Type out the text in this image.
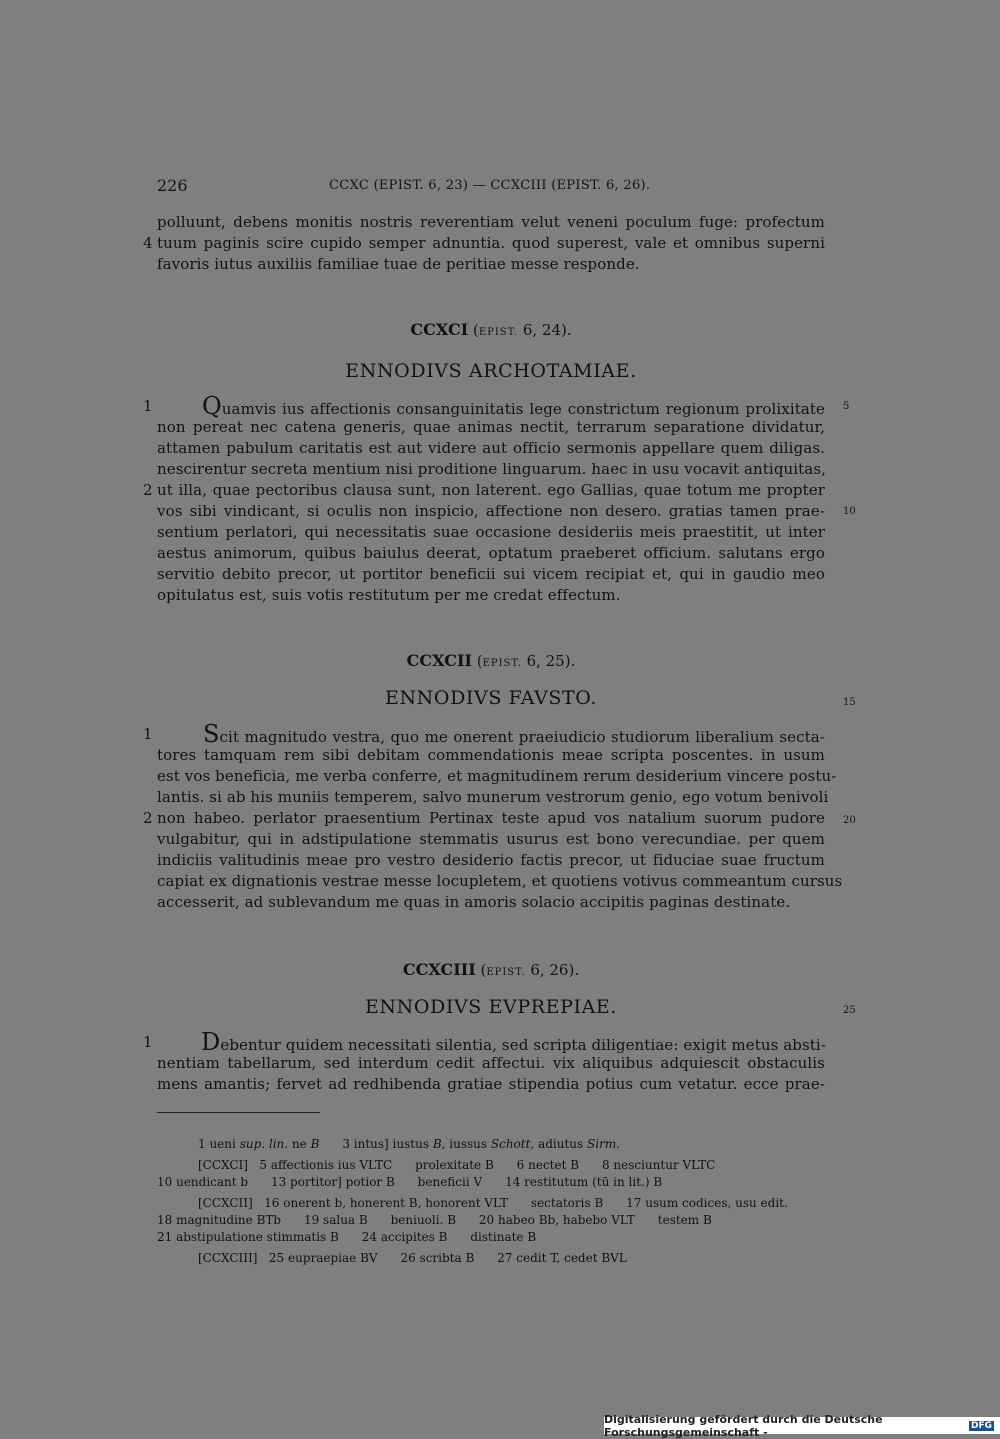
226	CCXC (EPIST. 6, 23) — CCXCIII (EPIST. 6, 26).
polluunt, debens monitis nostris reverentiam velut veneni poculum fuge: profectum
4 tuum paginis scire cupido semper adnuntia. quod superest, vale et omnibus superni
favoris iutus auxiliis familiae tuae de peritiae messe responde.
CCXCI (EPIST. 6, 24).
ENNODIVS ARCHOTAMIAE.
1 Quamvis ius affectionis consanguinitatis lege constrictum regionum prolixitate 5
non pereat nec catena generis, quae animas nectit, terrarum separatione dividatur,
attamen pabulum caritatis est aut videre aut officio sermonis appellare quem diligas.
nescirentur secreta mentium nisi proditione linguarum. haec in usu vocavit antiquitas,
2 ut illa, quae pectoribus clausa sunt, non laterent. ego Gallias, quae totum me propter
vos sibi vindicant, si oculis non inspicio, affectione non desero. gratias tamen prae- 10
sentium perlatori, qui necessitatis suae occasione desideriis meis praestitit, ut inter
aestus animorum, quibus baiulus deerat, optatum praeberet officium. salutans ergo
servitio debito precor, ut portitor beneficii sui vicem recipiat et, qui in gaudio meo
opitulatus est, suis votis restitutum per me credat effectum.
CCXCII (EPIST. 6, 25).
ENNODIVS FAVSTO.	15
1 Scit magnitudo vestra, quo me onerent praeiudicio studiorum liberalium secta-
tores tamquam rem sibi debitam commendationis meae scripta poscentes. in usum
est vos beneficia, me verba conferre, et magnitudinem rerum desiderium vincere postu-
lantis. si ab his muniis temperem, salvo munerum vestrorum genio, ego votum benivoli
2 non habeo. perlator praesentium Pertinax teste apud vos natalium suorum pudore 20
vulgabitur, qui in adstipulatione stemmatis usurus est bono verecundiae. per quem
indiciis valitudinis meae pro vestro desiderio factis precor, ut fiduciae suae fructum
capiat ex dignationis vestrae messe locupletem, et quotiens votivus commeantum cursus
accesserit, ad sublevandum me quas in amoris solacio accipitis paginas destinate.
CCXCIII (EPIST. 6, 26).
ENNODIVS EVPREPIAE.	25
1 Debentur quidem necessitati silentia, sed scripta diligentiae: exigit metus absti-
nentiam tabellarum, sed interdum cedit affectui. vix aliquibus adquiescit obstaculis
mens amantis; fervet ad redhibenda gratiae stipendia potius cum vetatur. ecce prae-
1 ueni sup. lin. ne B 3 intus] iustus B, iussus Schott, adiutus Sirm.
[CCXCI]   5 affectionis ius VLTC      prolexitate B      6 nectet B      8 nesciuntur VLTC
10 uendicant b      13 portitor] potior B      beneficii V      14 restitutum (tū in lit.) B
[CCXCII]   16 onerent b, honerent B, honorent VLT      sectatoris B      17 usum codices, usu edit.
18 magnitudine BTb      19 salua B      beniuoli. B      20 habeo Bb, habebo VLT      testem B
21 abstipulatione stimmatis B      24 accipites B      distinate B
[CCXCIII]   25 eupraepiae BV      26 scribta B      27 cedit T, cedet BVL
Digitalisierung gefördert durch die Deutsche Forschungsgemeinschaft -	DFG
